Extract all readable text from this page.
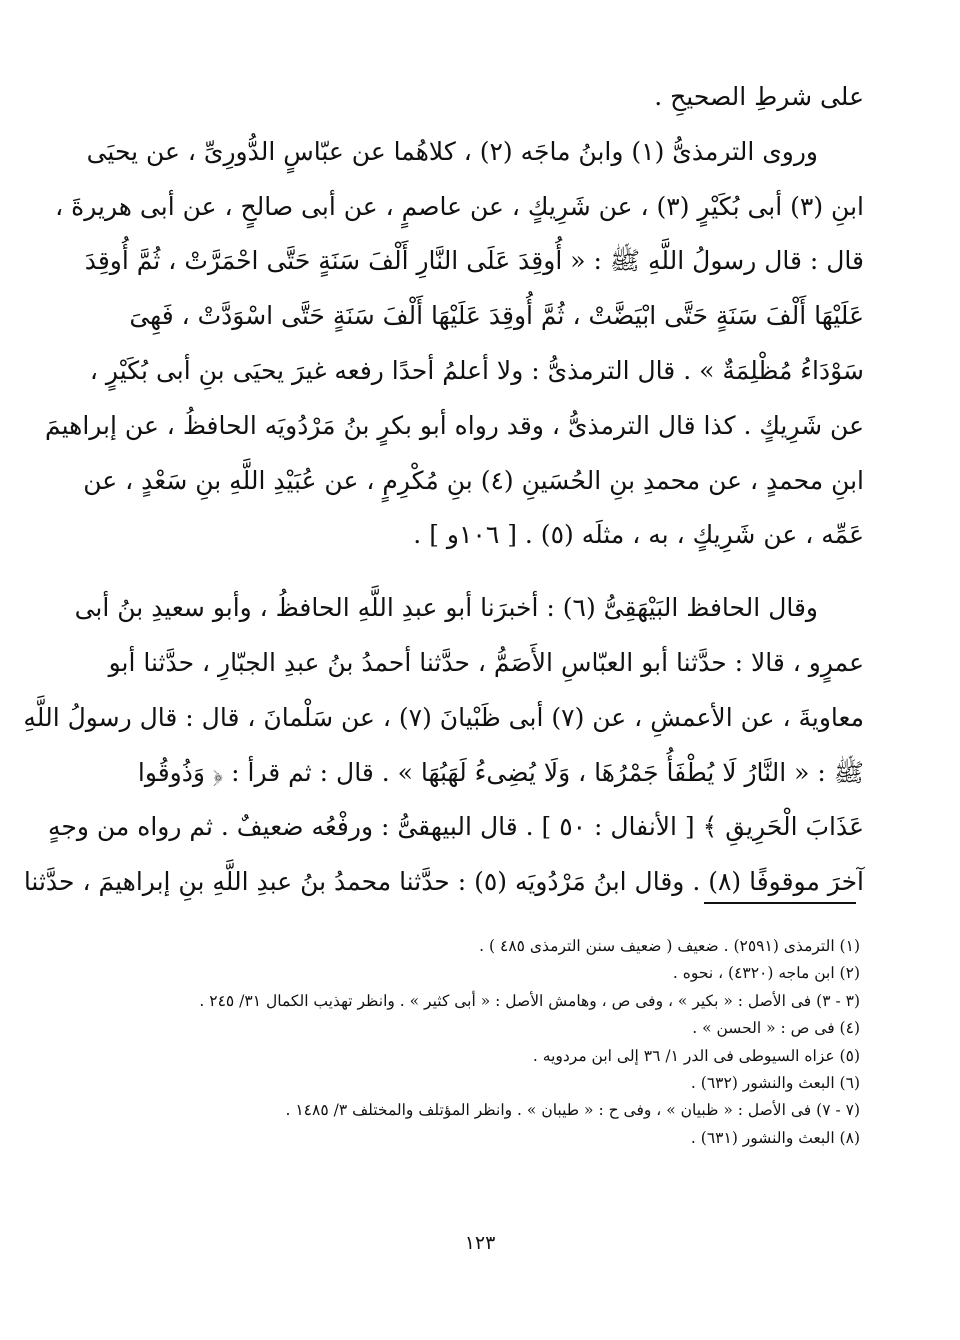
على شرطِ الصحيحِ .

وروى الترمذىُّ (١) وابنُ ماجَه (٢) ، كلاهُما عن عبّاسٍ الدُّورِىِّ ، عن يحيَى
ابنِ (٣) أبى بُكَيْرٍ (٣) ، عن شَرِيكٍ ، عن عاصمٍ ، عن أبى صالحٍ ، عن أبى هريرةَ ،
قال : قال رسولُ اللَّهِ ﷺ : « أُوقِدَ عَلَى النَّارِ أَلْفَ سَنَةٍ حَتَّى احْمَرَّتْ ، ثُمَّ أُوقِدَ
عَلَيْهَا أَلْفَ سَنَةٍ حَتَّى ابْيَضَّتْ ، ثُمَّ أُوقِدَ عَلَيْهَا أَلْفَ سَنَةٍ حَتَّى اسْوَدَّتْ ، فَهِىَ
سَوْدَاءُ مُظْلِمَةٌ » . قال الترمذىُّ : ولا أعلمُ أحدًا رفعه غيرَ يحيَى بنِ أبى بُكَيْرٍ ،
عن شَرِيكٍ . كذا قال الترمذىُّ ، وقد رواه أبو بكرٍ بنُ مَرْدُويَه الحافظُ ، عن إبراهيمَ
ابنِ محمدٍ ، عن محمدِ بنِ الحُسَينِ (٤) بنِ مُكْرِمٍ ، عن عُبَيْدِ اللَّهِ بنِ سَعْدٍ ، عن
عَمِّه ، عن شَرِيكٍ ، به ، مثلَه (٥) . [ ١٠٦و ] .

وقال الحافظ البَيْهَقِىُّ (٦) : أخبرَنا أبو عبدِ اللَّهِ الحافظُ ، وأبو سعيدِ بنُ أبى
عمرٍو ، قالا : حدَّثنا أبو العبّاسِ الأَصَمُّ ، حدَّثنا أحمدُ بنُ عبدِ الجبّارِ ، حدَّثنا أبو
معاويةَ ، عن الأعمشِ ، عن (٧) أبى ظَبْيانَ (٧) ، عن سَلْمانَ ، قال : قال رسولُ اللَّهِ
ﷺ : « النَّارُ لَا يُطْفَأُ جَمْرُهَا ، وَلَا يُضِىءُ لَهَبُهَا » . قال : ثم قرأ : ﴿ وَذُوقُوا
عَذَابَ الْحَرِيقِ ﴾ [ الأنفال : ٥٠ ] . قال البيهقىُّ : ورفْعُه ضعيفٌ . ثم رواه من وجهٍ
آخرَ موقوفًا (٨) . وقال ابنُ مَرْدُويَه (٥) : حدَّثنا محمدُ بنُ عبدِ اللَّهِ بنِ إبراهيمَ ، حدَّثنا

(١) الترمذى (٢٥٩١) . ضعيف ( ضعيف سنن الترمذى ٤٨٥ ) .
(٢) ابن ماجه (٤٣٢٠) ، نحوه .
(٣ - ٣) فى الأصل : « بكير » ، وفى ص ، وهامش الأصل : « أبى كثير » . وانظر تهذيب الكمال ٣١/ ٢٤٥ .
(٤) فى ص : « الحسن » .
(٥) عزاه السيوطى فى الدر ١/ ٣٦ إلى ابن مردويه .
(٦) البعث والنشور (٦٣٢) .
(٧ - ٧) فى الأصل : « ظبيان » ، وفى ح : « طيبان » . وانظر المؤتلف والمختلف ٣/ ١٤٨٥ .
(٨) البعث والنشور (٦٣١) .
١٢٣
